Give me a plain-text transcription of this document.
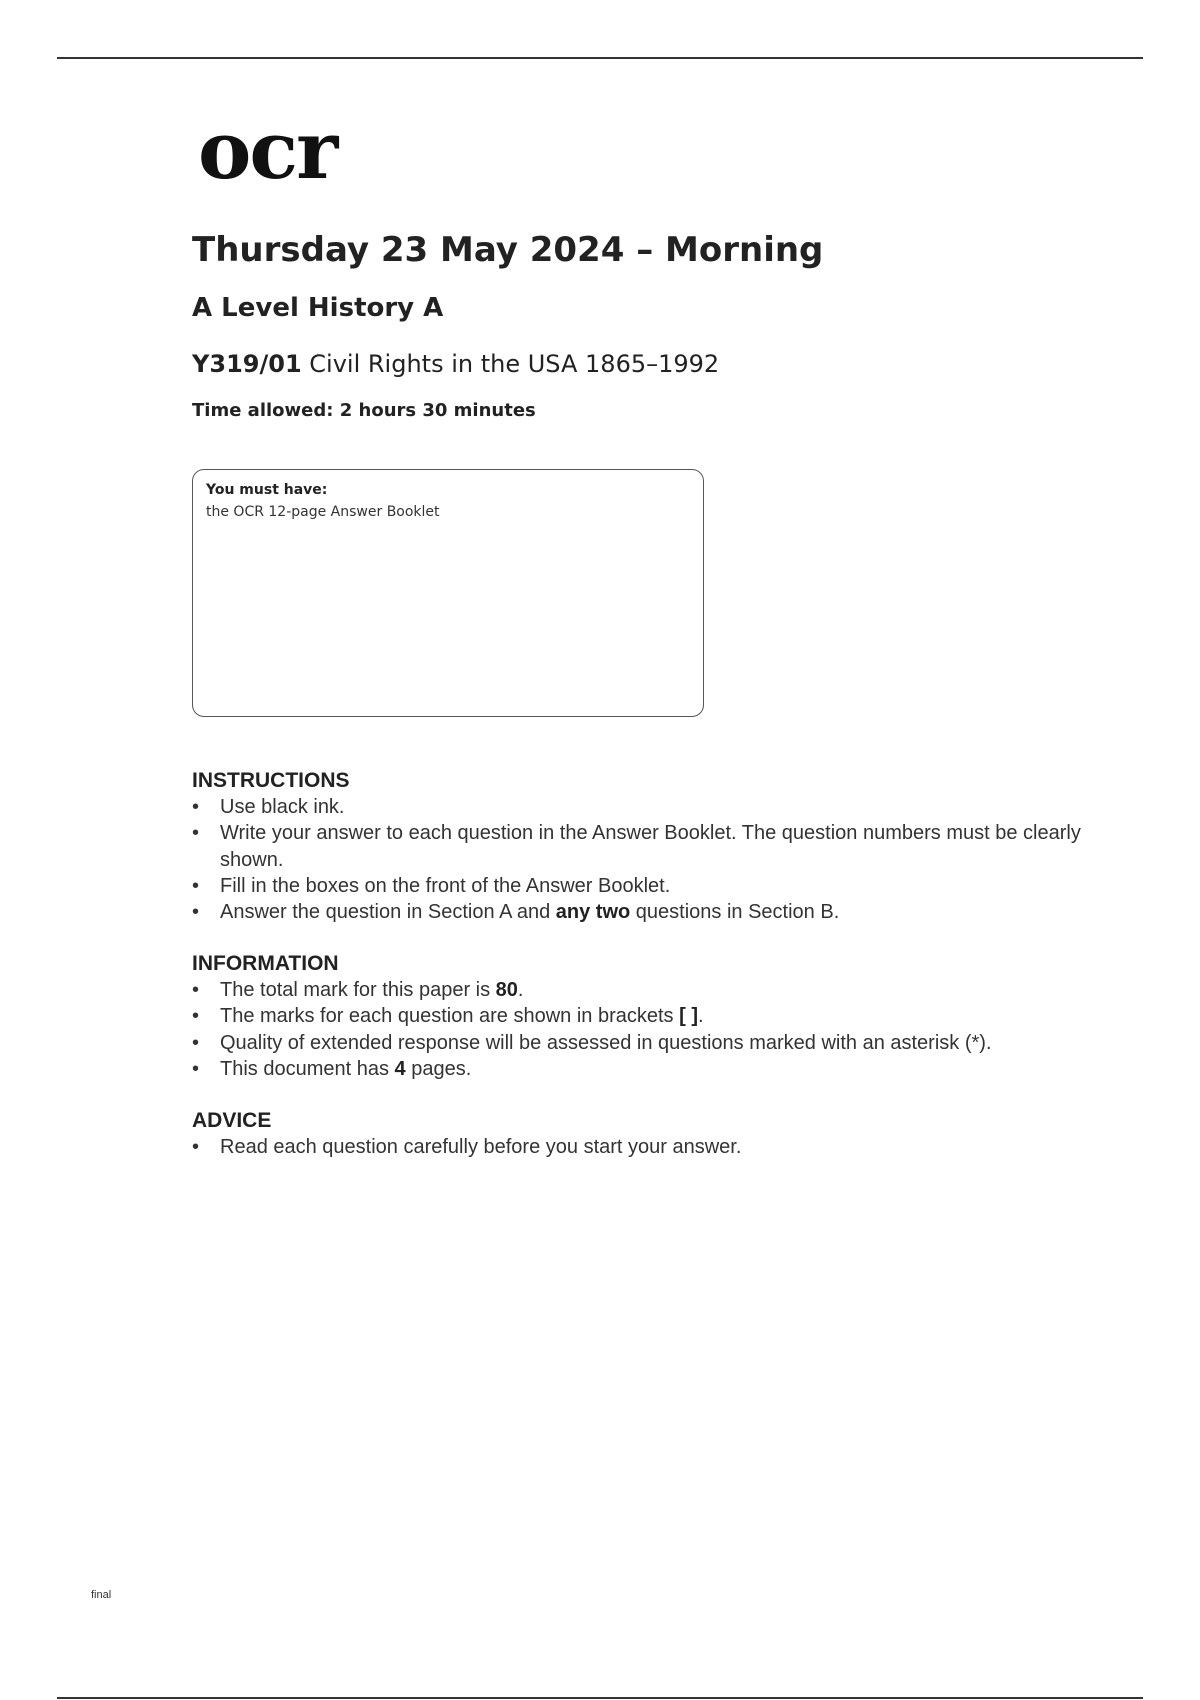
ocr
Thursday 23 May 2024 – Morning
A Level History A
Y319/01 Civil Rights in the USA 1865–1992
Time allowed: 2 hours 30 minutes
You must have:
the OCR 12-page Answer Booklet
INSTRUCTIONS
• Use black ink.
• Write your answer to each question in the Answer Booklet. The question numbers must be clearly shown.
• Fill in the boxes on the front of the Answer Booklet.
• Answer the question in Section A and any two questions in Section B.
INFORMATION
• The total mark for this paper is 80.
• The marks for each question are shown in brackets [ ].
• Quality of extended response will be assessed in questions marked with an asterisk (*).
• This document has 4 pages.
ADVICE
• Read each question carefully before you start your answer.
final
